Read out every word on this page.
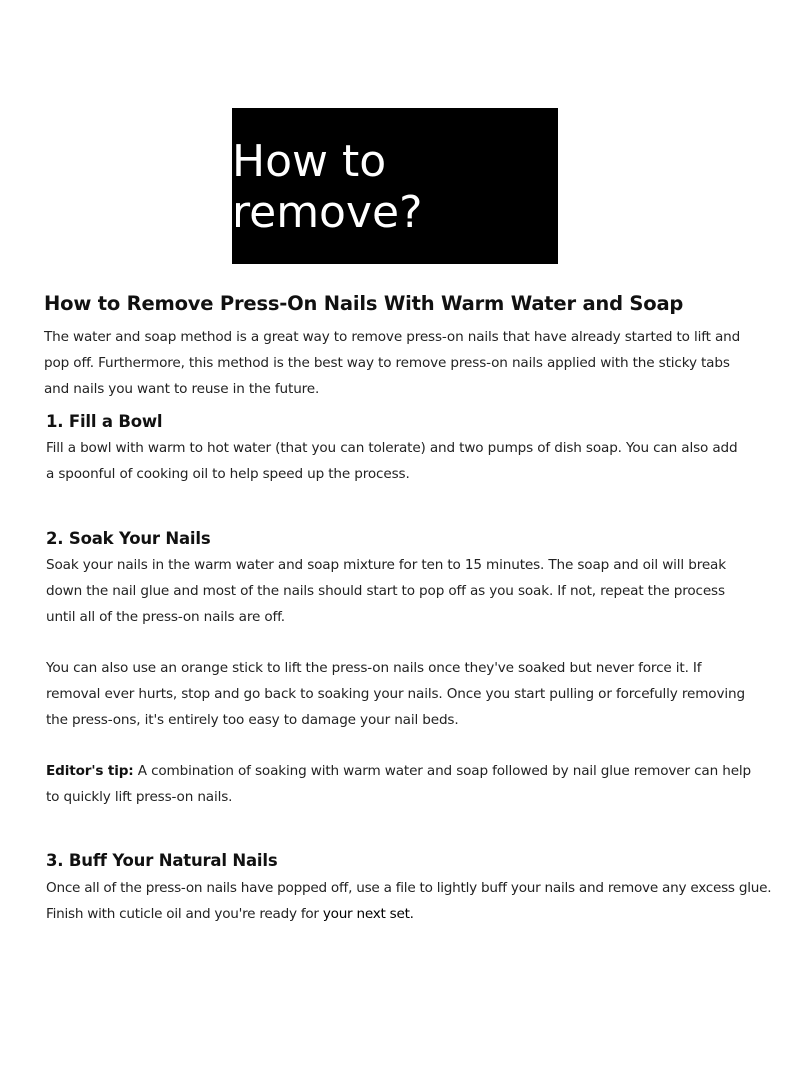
How to remove?
How to Remove Press-On Nails With Warm Water and Soap

The water and soap method is a great way to remove press-on nails that have already started to lift and pop off. Furthermore, this method is the best way to remove press-on nails applied with the sticky tabs and nails you want to reuse in the future.

1. Fill a Bowl

Fill a bowl with warm to hot water (that you can tolerate) and two pumps of dish soap. You can also add a spoonful of cooking oil to help speed up the process.

2. Soak Your Nails

Soak your nails in the warm water and soap mixture for ten to 15 minutes. The soap and oil will break down the nail glue and most of the nails should start to pop off as you soak. If not, repeat the process until all of the press-on nails are off.

You can also use an orange stick to lift the press-on nails once they've soaked but never force it. If removal ever hurts, stop and go back to soaking your nails. Once you start pulling or forcefully removing the press-ons, it's entirely too easy to damage your nail beds.

Editor's tip: A combination of soaking with warm water and soap followed by nail glue remover can help to quickly lift press-on nails.

3. Buff Your Natural Nails

Once all of the press-on nails have popped off, use a file to lightly buff your nails and remove any excess glue. Finish with cuticle oil and you're ready for your next set.
